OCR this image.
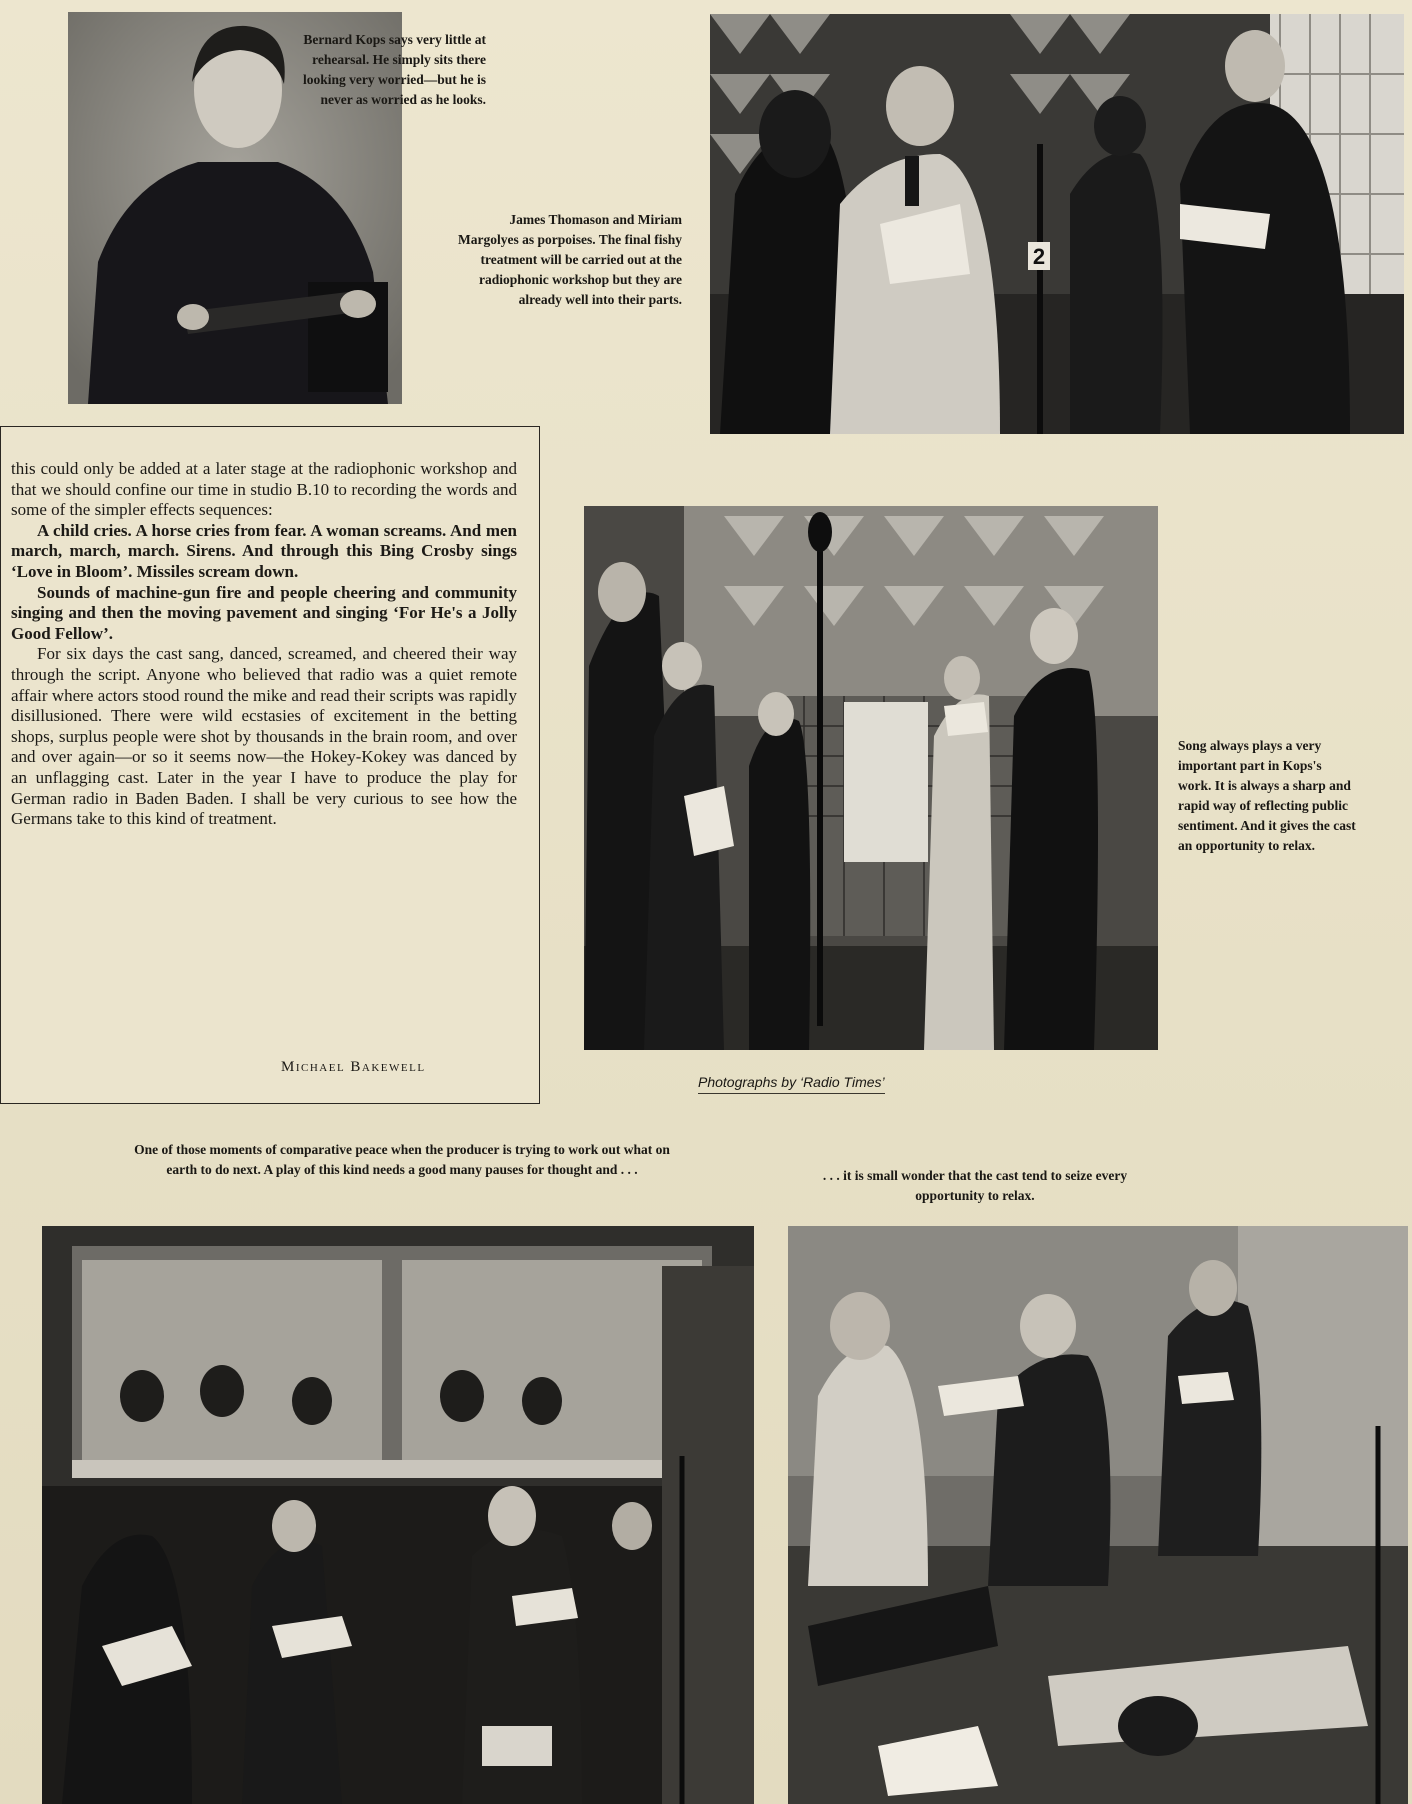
Bernard Kops says very little at rehearsal. He simply sits there looking very worried—but he is never as worried as he looks.

James Thomason and Miriam Margolyes as porpoises. The final fishy treatment will be carried out at the radiophonic workshop but they are already well into their parts.

2

this could only be added at a later stage at the radiophonic workshop and that we should confine our time in studio B.10 to recording the words and some of the simpler effects sequences:

A child cries. A horse cries from fear. A woman screams. And men march, march, march. Sirens. And through this Bing Crosby sings ‘Love in Bloom’. Missiles scream down.

Sounds of machine-gun fire and people cheering and community singing and then the moving pavement and singing ‘For He's a Jolly Good Fellow’.

For six days the cast sang, danced, screamed, and cheered their way through the script. Anyone who believed that radio was a quiet remote affair where actors stood round the mike and read their scripts was rapidly disillusioned. There were wild ecstasies of excitement in the betting shops, surplus people were shot by thousands in the brain room, and over and over again—or so it seems now—the Hokey-Kokey was danced by an unflagging cast. Later in the year I have to produce the play for German radio in Baden Baden. I shall be very curious to see how the Germans take to this kind of treatment.

Michael Bakewell

Song always plays a very important part in Kops's work. It is always a sharp and rapid way of reflecting public sentiment. And it gives the cast an opportunity to relax.

Photographs by ‘Radio Times’

One of those moments of comparative peace when the producer is trying to work out what on earth to do next. A play of this kind needs a good many pauses for thought and . . .	. . . it is small wonder that the cast tend to seize every opportunity to relax.
